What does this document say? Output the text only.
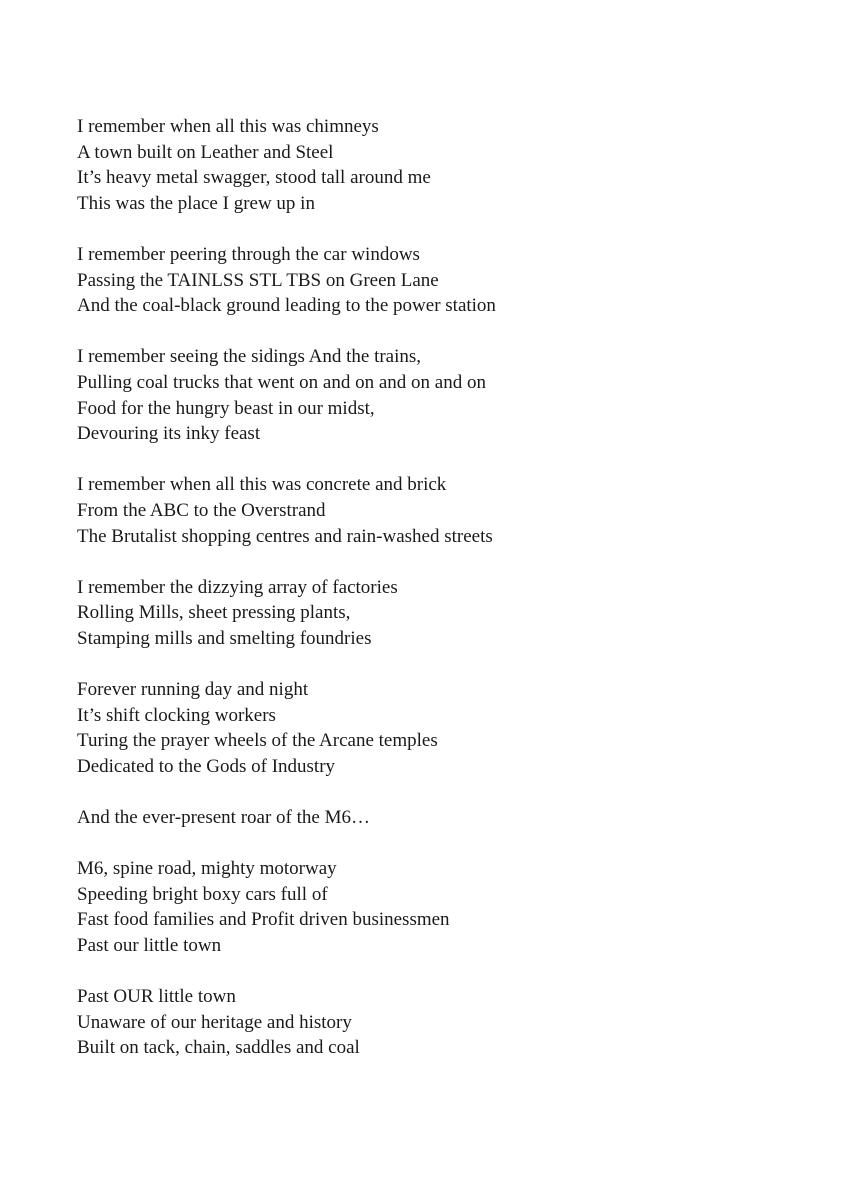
I remember when all this was chimneys
A town built on Leather and Steel
It’s heavy metal swagger, stood tall around me
This was the place I grew up in
I remember peering through the car windows
Passing the TAINLSS STL TBS on Green Lane
And the coal-black ground leading to the power station
I remember seeing the sidings And the trains,
Pulling coal trucks that went on and on and on and on
Food for the hungry beast in our midst,
Devouring its inky feast
I remember when all this was concrete and brick
From the ABC to the Overstrand
The Brutalist shopping centres and rain-washed streets
I remember the dizzying array of factories
Rolling Mills, sheet pressing plants,
Stamping mills and smelting foundries
Forever running day and night
It’s shift clocking workers
Turing the prayer wheels of the Arcane temples
Dedicated to the Gods of Industry
And the ever-present roar of the M6…
M6, spine road, mighty motorway
Speeding bright boxy cars full of
Fast food families and Profit driven businessmen
Past our little town
Past OUR little town
Unaware of our heritage and history
Built on tack, chain, saddles and coal
